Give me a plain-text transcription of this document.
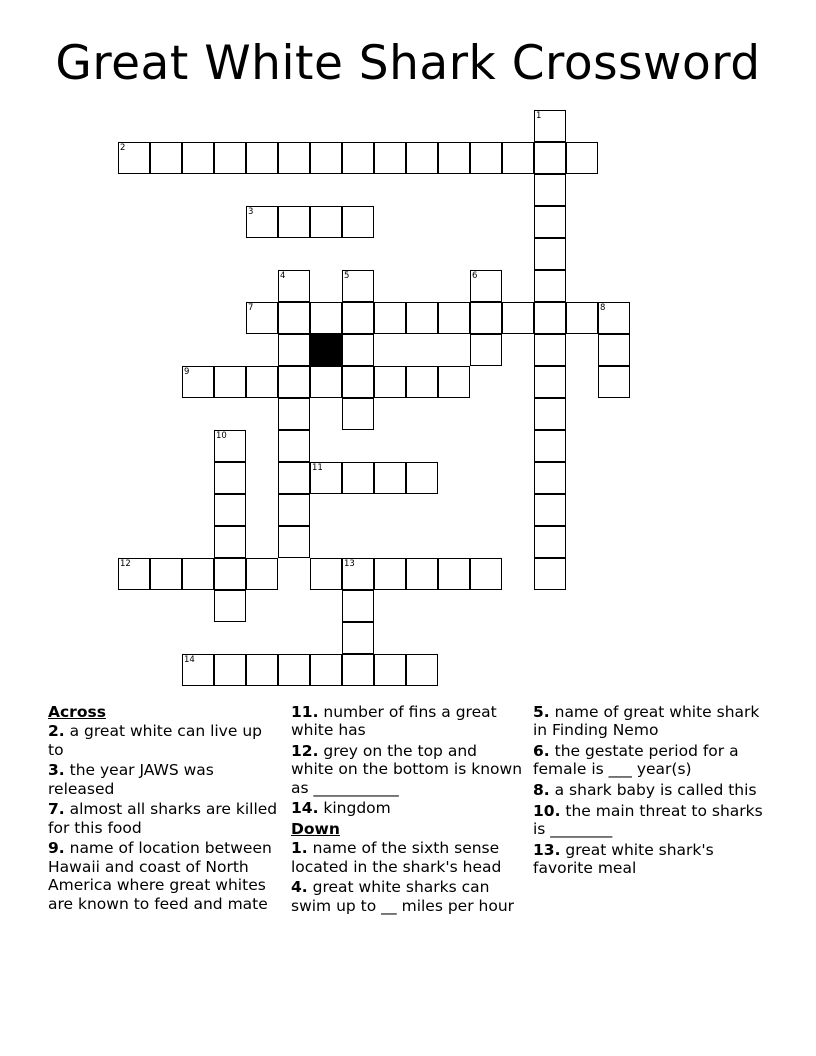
Great White Shark Crossword
1
2
3
4	5	6
7	8
9
10
11
12	13
14
Across
2. a great white can live up to
3. the year JAWS was released
7. almost all sharks are killed for this food
9. name of location between Hawaii and coast of North America where great whites are known to feed and mate
11. number of fins a great white has
12. grey on the top and white on the bottom is known as ___________
14. kingdom
Down
1. name of the sixth sense located in the shark's head
4. great white sharks can swim up to __ miles per hour
5. name of great white shark in Finding Nemo
6. the gestate period for a female is ___ year(s)
8. a shark baby is called this
10. the main threat to sharks is ________
13. great white shark's favorite meal
